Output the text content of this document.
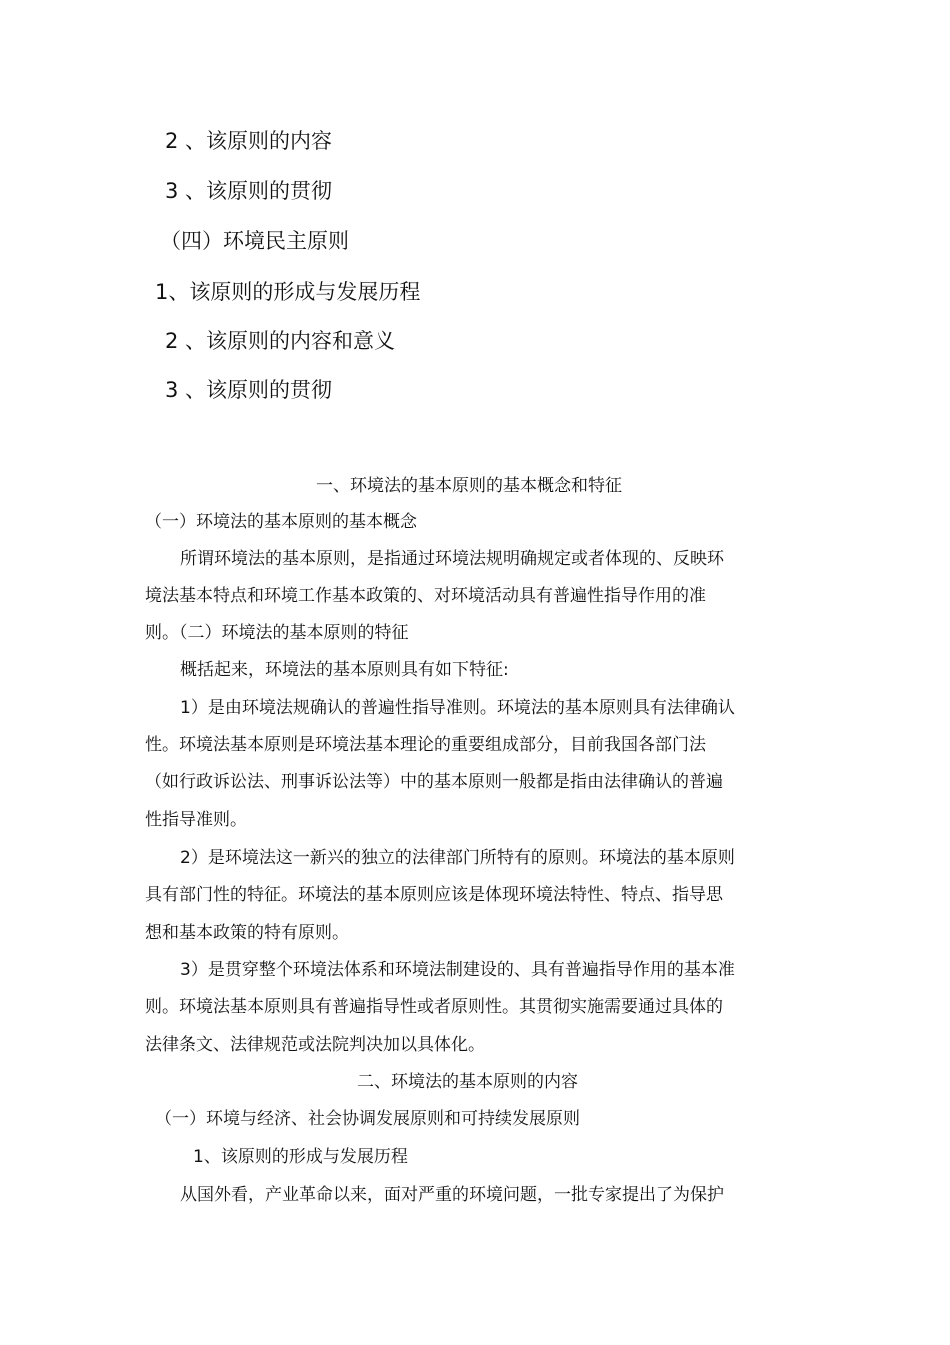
2 、该原则的内容

3 、该原则的贯彻

（四）环境民主原则

1、该原则的形成与发展历程

2 、该原则的内容和意义

3 、该原则的贯彻

一、环境法的基本原则的基本概念和特征

（一）环境法的基本原则的基本概念

所谓环境法的基本原则，是指通过环境法规明确规定或者体现的、反映环

境法基本特点和环境工作基本政策的、对环境活动具有普遍性指导作用的准

则。（二）环境法的基本原则的特征

概括起来，环境法的基本原则具有如下特征:

1）是由环境法规确认的普遍性指导准则。环境法的基本原则具有法律确认

性。环境法基本原则是环境法基本理论的重要组成部分，目前我国各部门法

（如行政诉讼法、刑事诉讼法等）中的基本原则一般都是指由法律确认的普遍

性指导准则。

2）是环境法这一新兴的独立的法律部门所特有的原则。环境法的基本原则

具有部门性的特征。环境法的基本原则应该是体现环境法特性、特点、指导思

想和基本政策的特有原则。

3）是贯穿整个环境法体系和环境法制建设的、具有普遍指导作用的基本准

则。环境法基本原则具有普遍指导性或者原则性。其贯彻实施需要通过具体的

法律条文、法律规范或法院判决加以具体化。

二、环境法的基本原则的内容

（一）环境与经济、社会协调发展原则和可持续发展原则

1、该原则的形成与发展历程

从国外看，产业革命以来，面对严重的环境问题，一批专家提出了为保护
